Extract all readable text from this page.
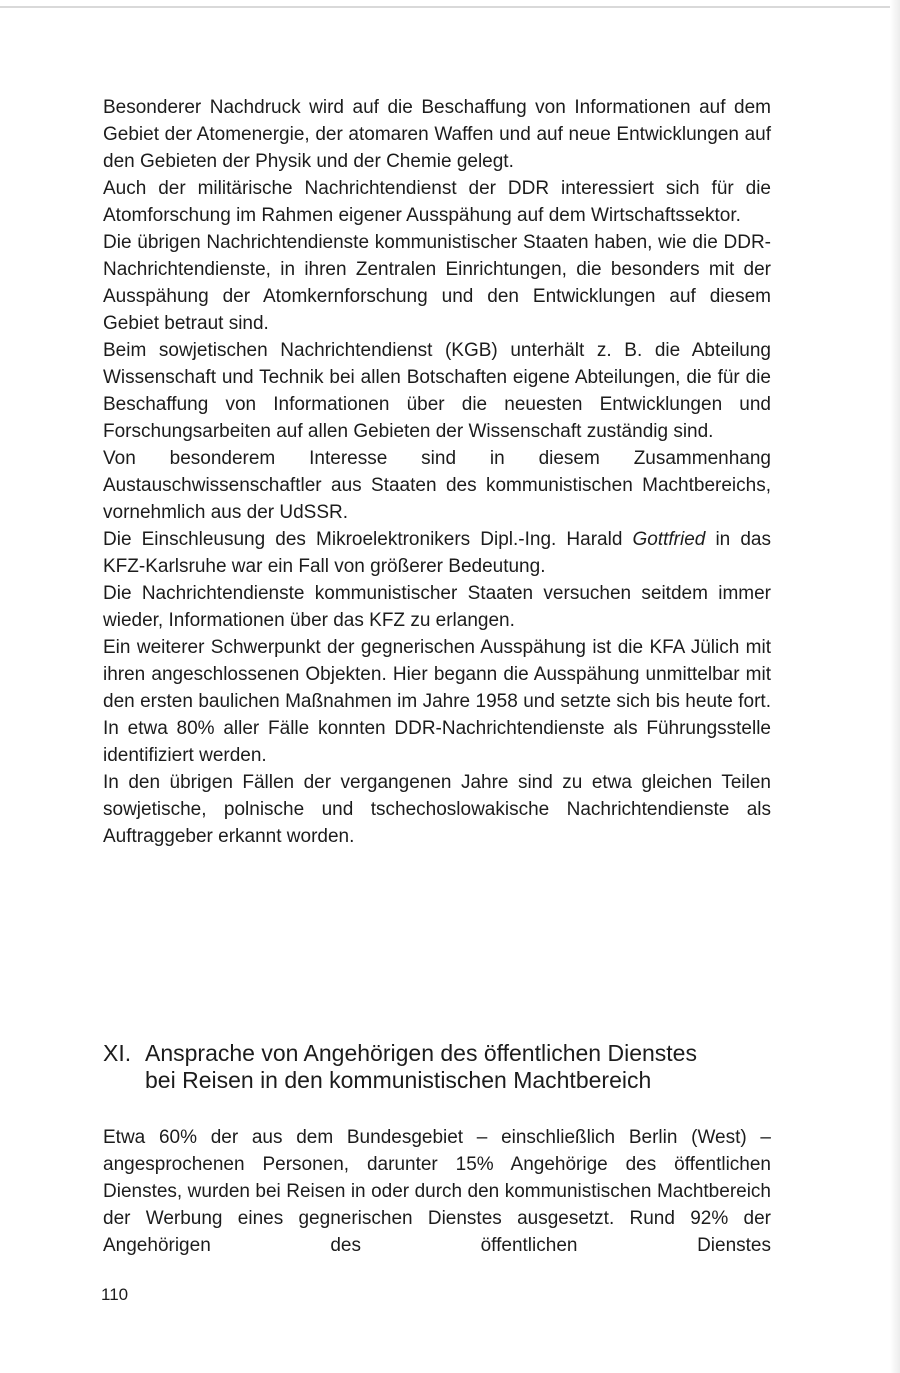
Besonderer Nachdruck wird auf die Beschaffung von Informationen auf dem Gebiet der Atomenergie, der atomaren Waffen und auf neue Entwicklungen auf den Gebieten der Physik und der Chemie gelegt.

Auch der militärische Nachrichtendienst der DDR interessiert sich für die Atomforschung im Rahmen eigener Ausspähung auf dem Wirtschaftssektor.

Die übrigen Nachrichtendienste kommunistischer Staaten haben, wie die DDR-Nachrichtendienste, in ihren Zentralen Einrichtungen, die besonders mit der Ausspähung der Atomkernforschung und den Entwicklungen auf diesem Gebiet betraut sind.

Beim sowjetischen Nachrichtendienst (KGB) unterhält z. B. die Abteilung Wissenschaft und Technik bei allen Botschaften eigene Abteilungen, die für die Beschaffung von Informationen über die neuesten Entwicklungen und Forschungsarbeiten auf allen Gebieten der Wissenschaft zuständig sind.

Von besonderem Interesse sind in diesem Zusammenhang Austauschwissenschaftler aus Staaten des kommunistischen Machtbereichs, vornehmlich aus der UdSSR.

Die Einschleusung des Mikroelektronikers Dipl.-Ing. Harald Gottfried in das KFZ-Karlsruhe war ein Fall von größerer Bedeutung.

Die Nachrichtendienste kommunistischer Staaten versuchen seitdem immer wieder, Informationen über das KFZ zu erlangen.

Ein weiterer Schwerpunkt der gegnerischen Ausspähung ist die KFA Jülich mit ihren angeschlossenen Objekten. Hier begann die Ausspähung unmittelbar mit den ersten baulichen Maßnahmen im Jahre 1958 und setzte sich bis heute fort. In etwa 80% aller Fälle konnten DDR-Nachrichtendienste als Führungsstelle identifiziert werden.

In den übrigen Fällen der vergangenen Jahre sind zu etwa gleichen Teilen sowjetische, polnische und tschechoslowakische Nachrichtendienste als Auftraggeber erkannt worden.

XI. Ansprache von Angehörigen des öffentlichen Dienstes
bei Reisen in den kommunistischen Machtbereich

Etwa 60% der aus dem Bundesgebiet – einschließlich Berlin (West) – angesprochenen Personen, darunter 15% Angehörige des öffentlichen Dienstes, wurden bei Reisen in oder durch den kommunistischen Machtbereich der Werbung eines gegnerischen Dienstes ausgesetzt. Rund 92% der Angehörigen des öffentlichen Dienstes

110
